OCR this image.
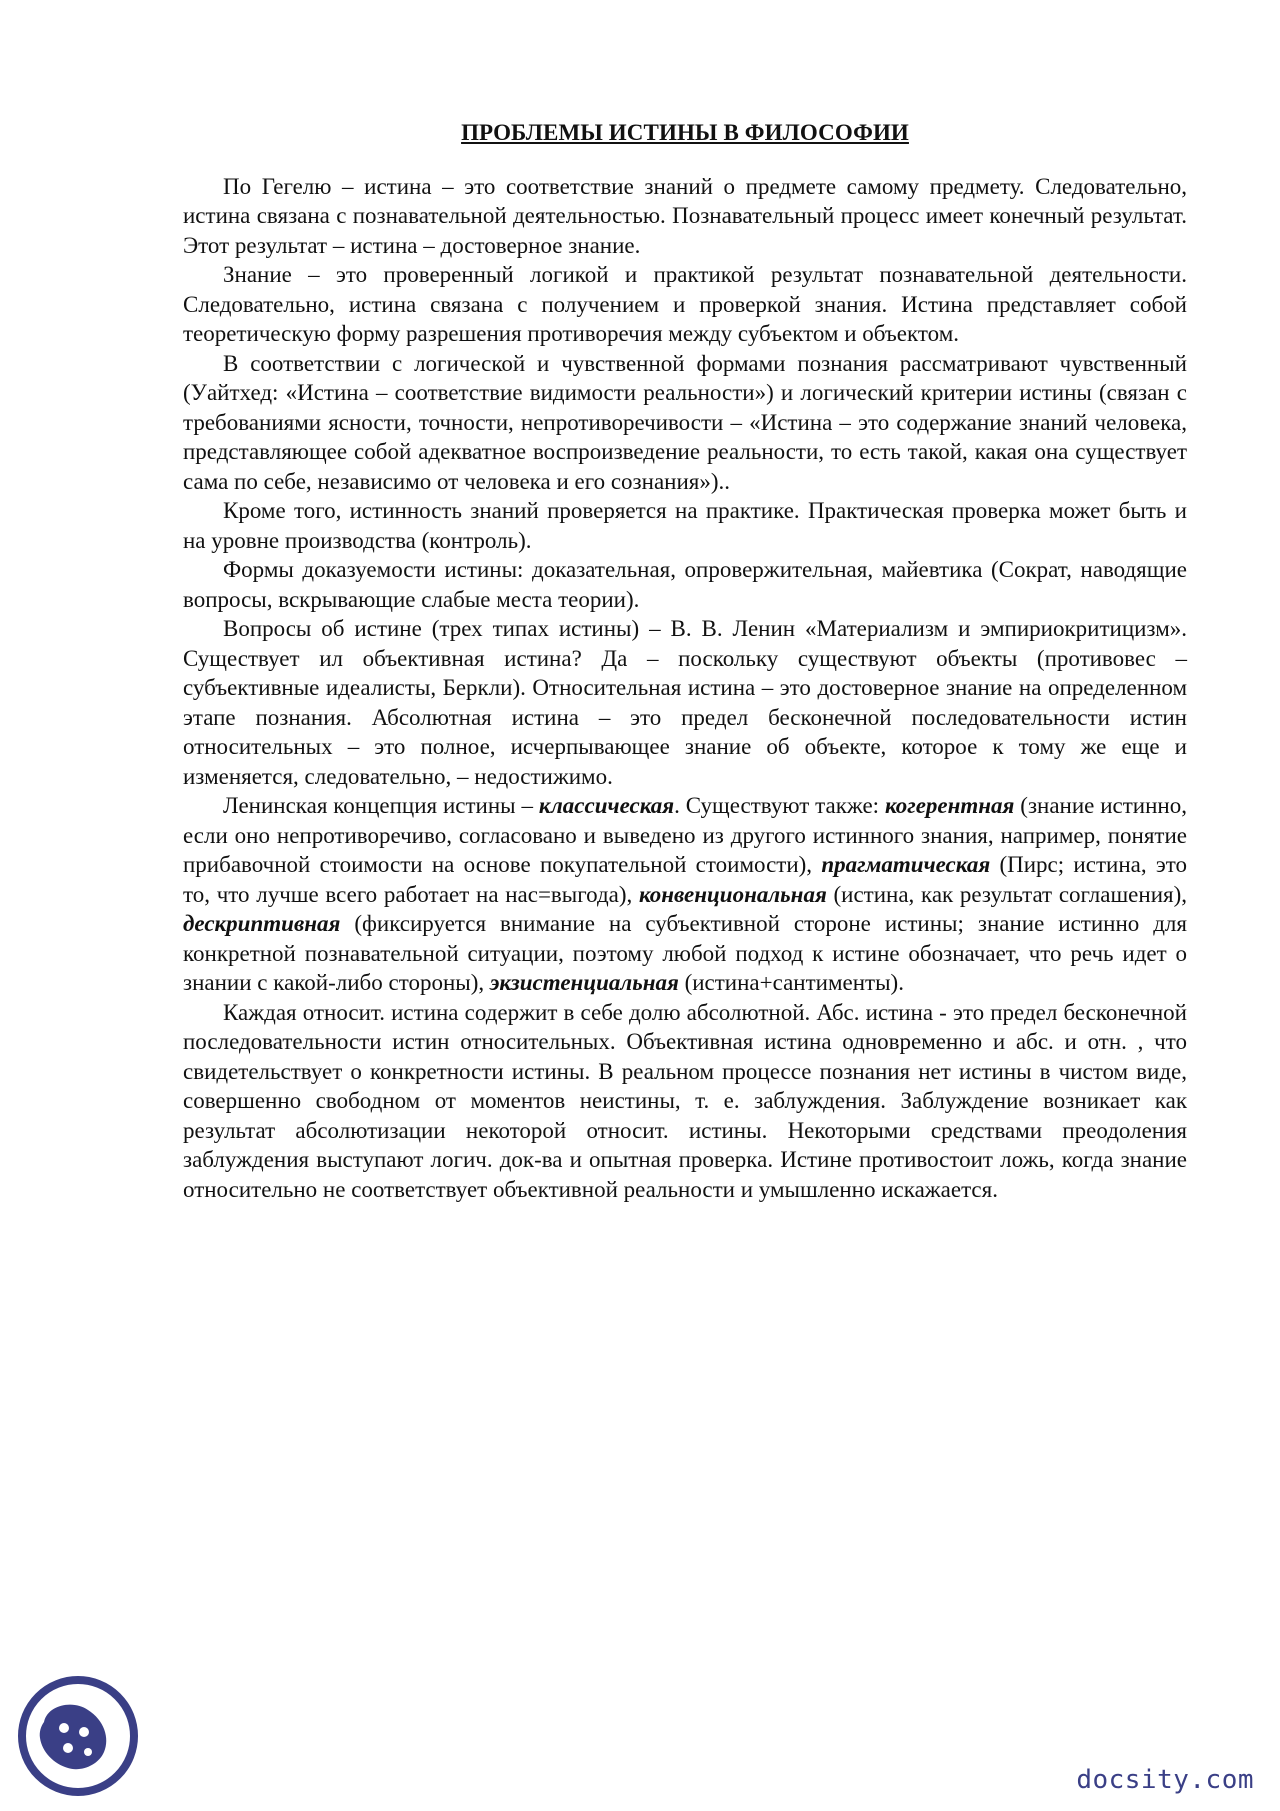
ПРОБЛЕМЫ ИСТИНЫ В ФИЛОСОФИИ

По Гегелю – истина – это соответствие знаний о предмете самому предмету. Следовательно, истина связана с познавательной деятельностью. Познавательный процесс имеет конечный результат. Этот результат – истина – достоверное знание.

Знание – это проверенный логикой и практикой результат познавательной деятельности. Следовательно, истина связана с получением и проверкой знания. Истина представляет собой теоретическую форму разрешения противоречия между субъектом и объектом.

В соответствии с логической и чувственной формами познания рассматривают чувственный (Уайтхед: «Истина – соответствие видимости реальности») и логический критерии истины (связан с требованиями ясности, точности, непротиворечивости – «Истина – это содержание знаний человека, представляющее собой адекватное воспроизведение реальности, то есть такой, какая она существует сама по себе, независимо от человека и его сознания»)..

Кроме того, истинность знаний проверяется на практике. Практическая проверка может быть и на уровне производства (контроль).

Формы доказуемости истины: доказательная, опровержительная, майевтика (Сократ, наводящие вопросы, вскрывающие слабые места теории).

Вопросы об истине (трех типах истины) – В. В. Ленин «Материализм и эмпириокритицизм». Существует ил объективная истина? Да – поскольку существуют объекты (противовес – субъективные идеалисты, Беркли). Относительная истина – это достоверное знание на определенном этапе познания. Абсолютная истина – это предел бесконечной последовательности истин относительных – это полное, исчерпывающее знание об объекте, которое к тому же еще и изменяется, следовательно, – недостижимо.

Ленинская концепция истины – классическая. Существуют также: когерентная (знание истинно, если оно непротиворечиво, согласовано и выведено из другого истинного знания, например, понятие прибавочной стоимости на основе покупательной стоимости), прагматическая (Пирс; истина, это то, что лучше всего работает на нас=выгода), конвенциональная (истина, как результат соглашения), дескриптивная (фиксируется внимание на субъективной стороне истины; знание истинно для конкретной познавательной ситуации, поэтому любой подход к истине обозначает, что речь идет о знании с какой-либо стороны), экзистенциальная (истина+сантименты).

Каждая относит. истина содержит в себе долю абсолютной. Абс. истина - это предел бесконечной последовательности истин относительных. Объективная истина одновременно и абс. и отн. , что свидетельствует о конкретности истины. В реальном процессе познания нет истины в чистом виде, совершенно свободном от моментов неистины, т. е. заблуждения. Заблуждение возникает как результат абсолютизации некоторой относит. истины. Некоторыми средствами преодоления заблуждения выступают логич. док-ва и опытная проверка. Истине противостоит ложь, когда знание относительно не соответствует объективной реальности и умышленно искажается.

docsity.com
